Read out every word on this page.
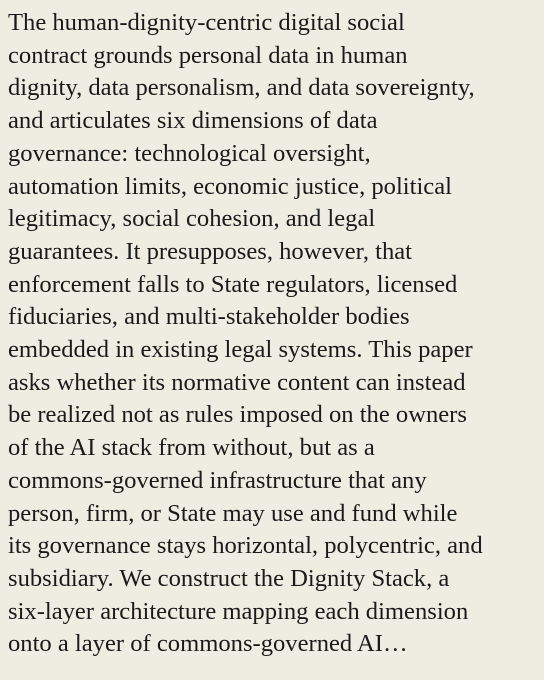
The human-dignity-centric digital social
contract grounds personal data in human
dignity, data personalism, and data sovereignty,
and articulates six dimensions of data
governance: technological oversight,
automation limits, economic justice, political
legitimacy, social cohesion, and legal
guarantees. It presupposes, however, that
enforcement falls to State regulators, licensed
fiduciaries, and multi-stakeholder bodies
embedded in existing legal systems. This paper
asks whether its normative content can instead
be realized not as rules imposed on the owners
of the AI stack from without, but as a
commons-governed infrastructure that any
person, firm, or State may use and fund while
its governance stays horizontal, polycentric, and
subsidiary. We construct the Dignity Stack, a
six-layer architecture mapping each dimension
onto a layer of commons-governed AI…
